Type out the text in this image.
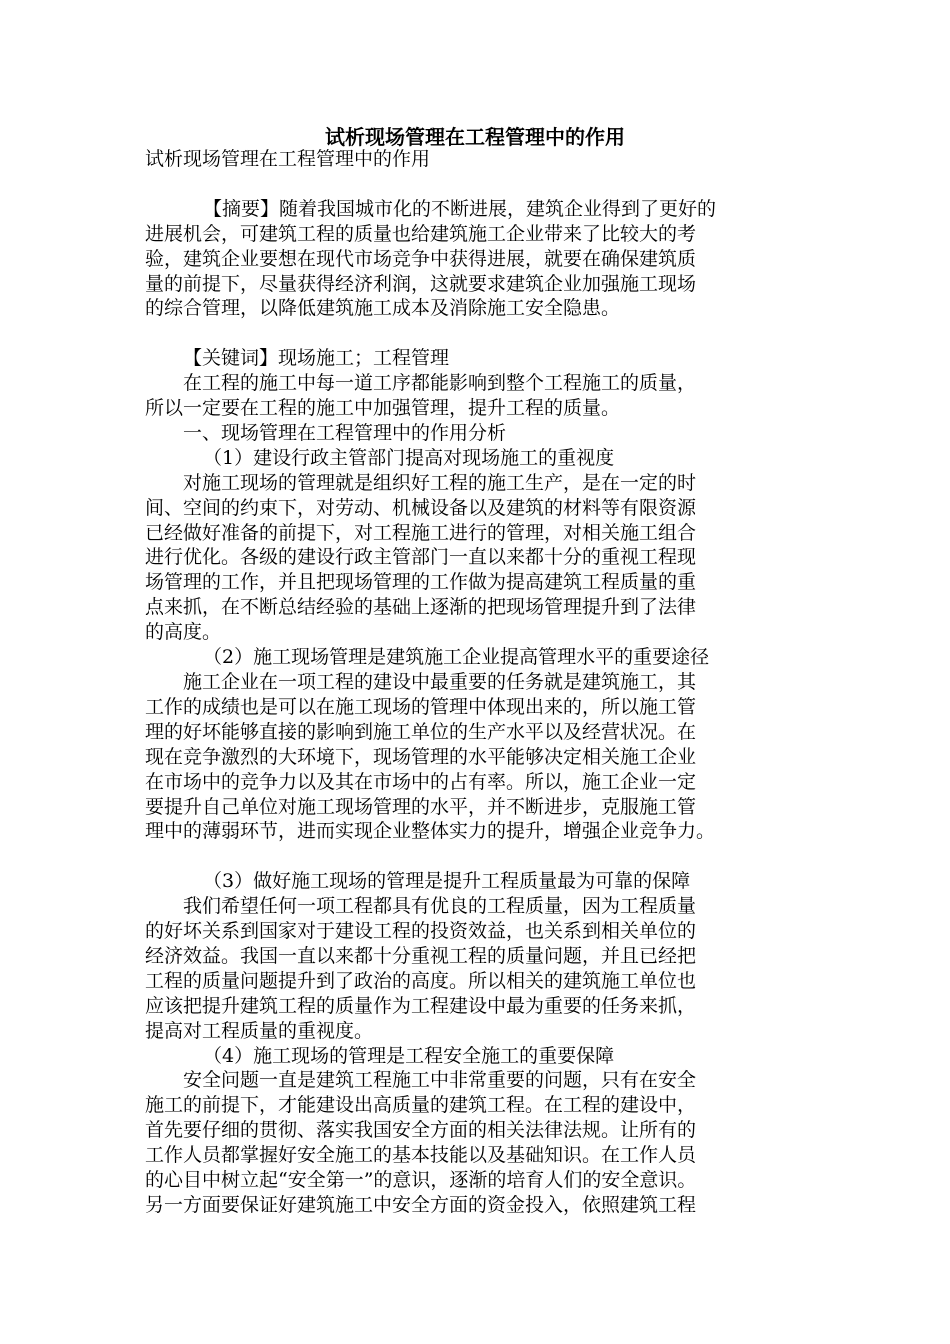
试析现场管理在工程管理中的作用

试析现场管理在工程管理中的作用

【摘要】随着我国城市化的不断进展，建筑企业得到了更好的

进展机会，可建筑工程的质量也给建筑施工企业带来了比较大的考

验，建筑企业要想在现代市场竞争中获得进展，就要在确保建筑质

量的前提下，尽量获得经济利润，这就要求建筑企业加强施工现场

的综合管理，以降低建筑施工成本及消除施工安全隐患。

【关键词】现场施工；工程管理

在工程的施工中每一道工序都能影响到整个工程施工的质量，

所以一定要在工程的施工中加强管理，提升工程的质量。

一、现场管理在工程管理中的作用分析

（1）建设行政主管部门提高对现场施工的重视度

对施工现场的管理就是组织好工程的施工生产，是在一定的时

间、空间的约束下，对劳动、机械设备以及建筑的材料等有限资源

已经做好准备的前提下，对工程施工进行的管理，对相关施工组合

进行优化。各级的建设行政主管部门一直以来都十分的重视工程现

场管理的工作，并且把现场管理的工作做为提高建筑工程质量的重

点来抓，在不断总结经验的基础上逐渐的把现场管理提升到了法律

的高度。

（2）施工现场管理是建筑施工企业提高管理水平的重要途径

施工企业在一项工程的建设中最重要的任务就是建筑施工，其

工作的成绩也是可以在施工现场的管理中体现出来的，所以施工管

理的好坏能够直接的影响到施工单位的生产水平以及经营状况。在

现在竞争激烈的大环境下，现场管理的水平能够决定相关施工企业

在市场中的竞争力以及其在市场中的占有率。所以，施工企业一定

要提升自己单位对施工现场管理的水平，并不断进步，克服施工管

理中的薄弱环节，进而实现企业整体实力的提升，增强企业竞争力。

（3）做好施工现场的管理是提升工程质量最为可靠的保障

我们希望任何一项工程都具有优良的工程质量，因为工程质量

的好坏关系到国家对于建设工程的投资效益，也关系到相关单位的

经济效益。我国一直以来都十分重视工程的质量问题，并且已经把

工程的质量问题提升到了政治的高度。所以相关的建筑施工单位也

应该把提升建筑工程的质量作为工程建设中最为重要的任务来抓，

提高对工程质量的重视度。

（4）施工现场的管理是工程安全施工的重要保障

安全问题一直是建筑工程施工中非常重要的问题，只有在安全

施工的前提下，才能建设出高质量的建筑工程。在工程的建设中，

首先要仔细的贯彻、落实我国安全方面的相关法律法规。让所有的

工作人员都掌握好安全施工的基本技能以及基础知识。在工作人员

的心目中树立起“安全第一”的意识，逐渐的培育人们的安全意识。

另一方面要保证好建筑施工中安全方面的资金投入，依照建筑工程
